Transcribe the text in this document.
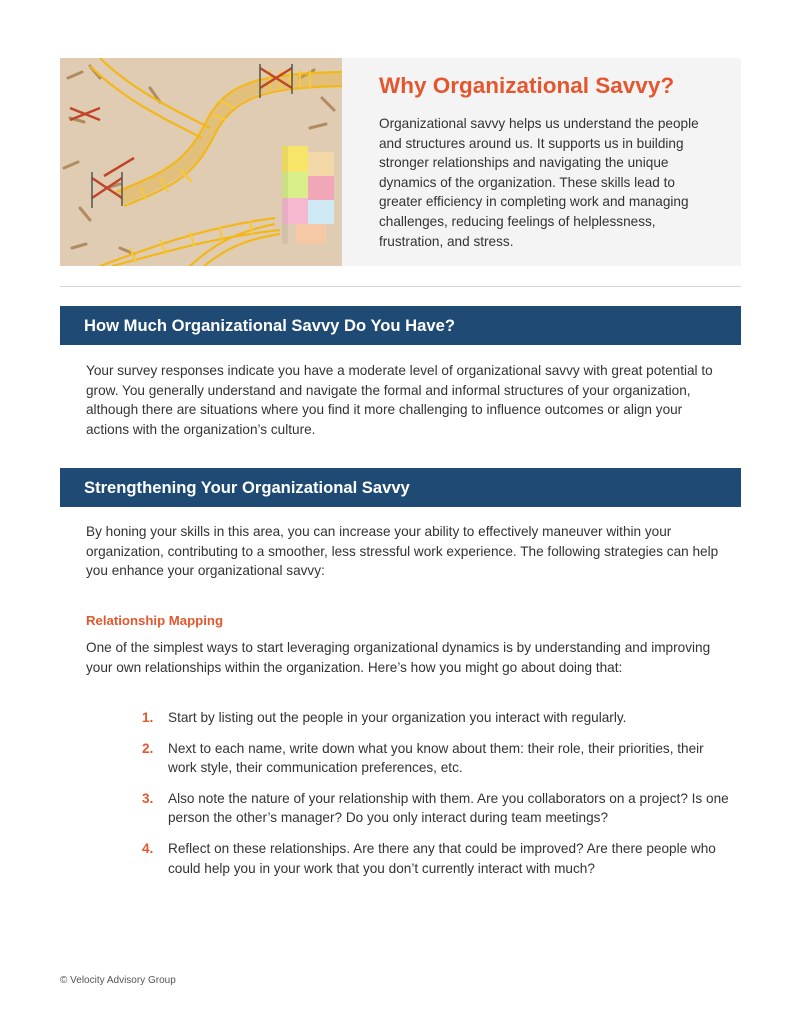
Why Organizational Savvy?

Organizational savvy helps us understand the people and structures around us. It supports us in building stronger relationships and navigating the unique dynamics of the organization. These skills lead to greater efficiency in completing work and managing challenges, reducing feelings of helplessness, frustration, and stress.

How Much Organizational Savvy Do You Have?

Your survey responses indicate you have a moderate level of organizational savvy with great potential to grow. You generally understand and navigate the formal and informal structures of your organization, although there are situations where you find it more challenging to influence outcomes or align your actions with the organization’s culture.

Strengthening Your Organizational Savvy

By honing your skills in this area, you can increase your ability to effectively maneuver within your organization, contributing to a smoother, less stressful work experience. The following strategies can help you enhance your organizational savvy:

Relationship Mapping

One of the simplest ways to start leveraging organizational dynamics is by understanding and improving your own relationships within the organization. Here’s how you might go about doing that:

1.	Start by listing out the people in your organization you interact with regularly.
2.	Next to each name, write down what you know about them: their role, their priorities, their work style, their communication preferences, etc.
3.	Also note the nature of your relationship with them. Are you collaborators on a project? Is one person the other’s manager? Do you only interact during team meetings?
4.	Reflect on these relationships. Are there any that could be improved? Are there people who could help you in your work that you don’t currently interact with much?

© Velocity Advisory Group
